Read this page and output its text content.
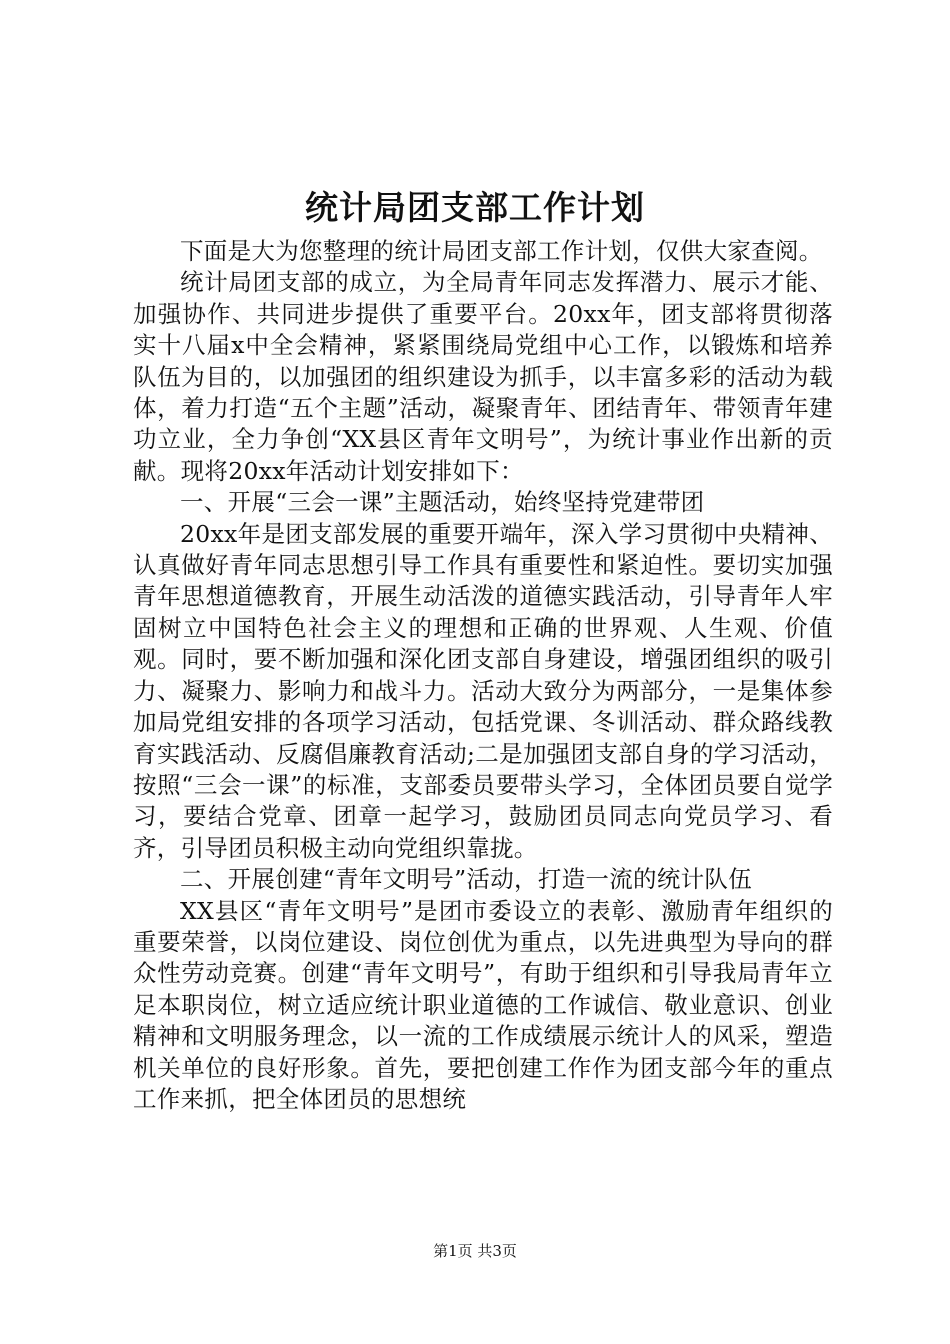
统计局团支部工作计划

下面是大为您整理的统计局团支部工作计划，仅供大家查阅。

统计局团支部的成立，为全局青年同志发挥潜力、展示才能、加强协作、共同进步提供了重要平台。20xx年，团支部将贯彻落实十八届x中全会精神，紧紧围绕局党组中心工作，以锻炼和培养队伍为目的，以加强团的组织建设为抓手，以丰富多彩的活动为载体，着力打造“五个主题”活动，凝聚青年、团结青年、带领青年建功立业，全力争创“XX县区青年文明号”，为统计事业作出新的贡献。现将20xx年活动计划安排如下：

一、开展“三会一课”主题活动，始终坚持党建带团

20xx年是团支部发展的重要开端年，深入学习贯彻中央精神、认真做好青年同志思想引导工作具有重要性和紧迫性。要切实加强青年思想道德教育，开展生动活泼的道德实践活动，引导青年人牢固树立中国特色社会主义的理想和正确的世界观、人生观、价值观。同时，要不断加强和深化团支部自身建设，增强团组织的吸引力、凝聚力、影响力和战斗力。活动大致分为两部分，一是集体参加局党组安排的各项学习活动，包括党课、冬训活动、群众路线教育实践活动、反腐倡廉教育活动;二是加强团支部自身的学习活动，按照“三会一课”的标准，支部委员要带头学习，全体团员要自觉学习，要结合党章、团章一起学习，鼓励团员同志向党员学习、看齐，引导团员积极主动向党组织靠拢。

二、开展创建“青年文明号”活动，打造一流的统计队伍

XX县区“青年文明号”是团市委设立的表彰、激励青年组织的重要荣誉，以岗位建设、岗位创优为重点，以先进典型为导向的群众性劳动竞赛。创建“青年文明号”，有助于组织和引导我局青年立足本职岗位，树立适应统计职业道德的工作诚信、敬业意识、创业精神和文明服务理念，以一流的工作成绩展示统计人的风采，塑造机关单位的良好形象。首先，要把创建工作作为团支部今年的重点工作来抓，把全体团员的思想统

第1页 共3页
